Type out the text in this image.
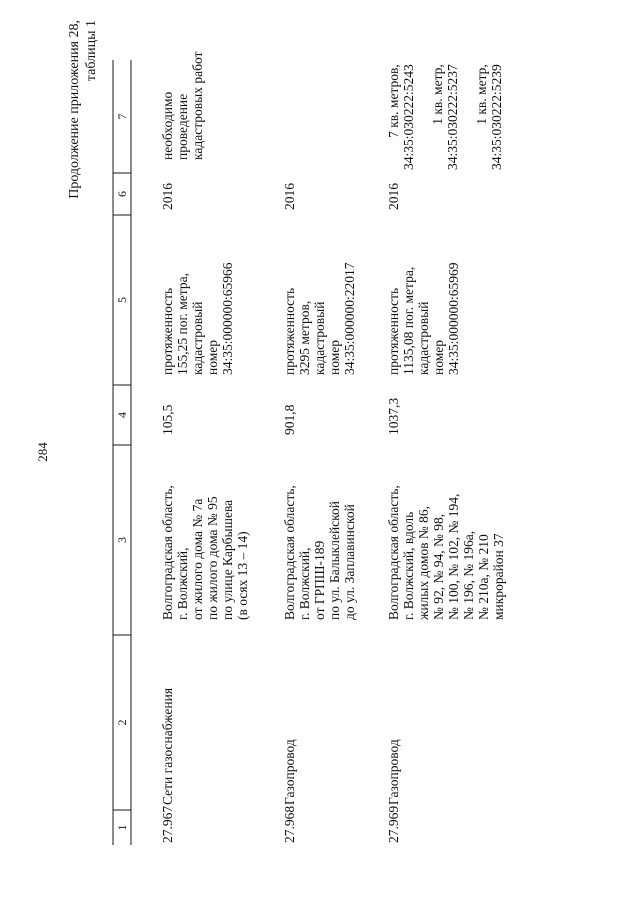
284
Продолжение приложения 28, таблицы 1
1
2
3
4
5
6
7
27.967
Сети газоснабжения
Волгоградская область, г. Волжский, от жилого дома № 7а по жилого дома № 95 по улице Карбышева (в осях 13 – 14)
105,5
протяженность 155,25 пог. метра, кадастровый номер 34:35:000000:65966
2016
необходимо проведение кадастровых работ
27.968
Газопровод
Волгоградская область, г. Волжский, от ГРПШ-189 по ул. Балыклейской до ул. Заплавинской
901,8
протяженность 3295 метров, кадастровый номер 34:35:000000:22017
2016
27.969
Газопровод
Волгоградская область, г. Волжский, вдоль жилых домов № 86, № 92, № 94, № 98, № 100, № 102, № 194, № 196, № 196а, № 210а, № 210 микрорайон 37
1037,3
протяженность 1135,08 пог. метра, кадастровый номер 34:35:000000:65969
2016
7 кв. метров, 34:35:030222:5243 1 кв. метр, 34:35:030222:5237 1 кв. метр, 34:35:030222:5239
